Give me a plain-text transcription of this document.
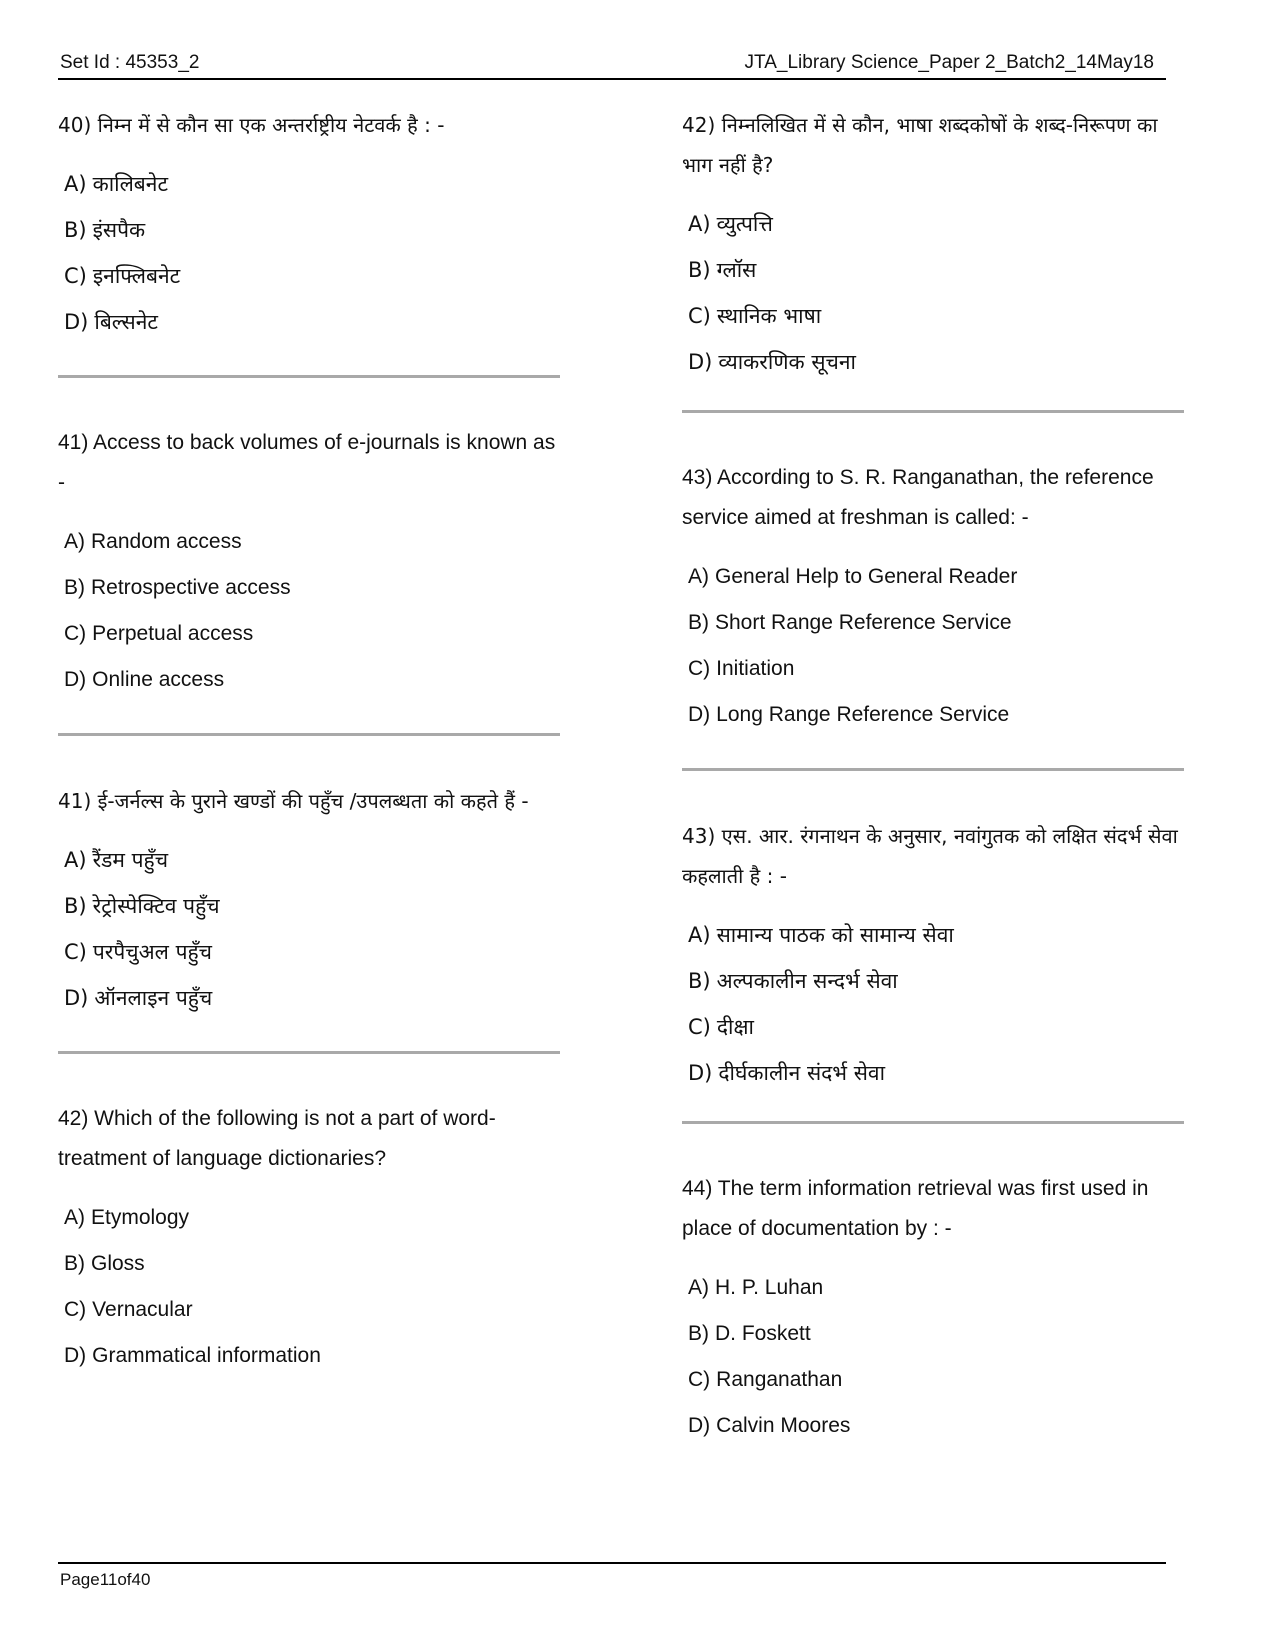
Set Id : 45353_2	JTA_Library Science_Paper 2_Batch2_14May18
40) निम्न में से कौन सा एक अन्तर्राष्ट्रीय नेटवर्क है : -
A) कालिबनेट
B) इंसपैक
C) इनफ्लिबनेट
D) बिल्सनेट
41) Access to back volumes of e-journals is known as -
A) Random access
B) Retrospective access
C) Perpetual access
D) Online access
41) ई-जर्नल्स के पुराने खण्डों की पहुँच /उपलब्धता को कहते हैं -
A) रैंडम पहुँच
B) रेट्रोस्पेक्टिव पहुँच
C) परपैचुअल पहुँच
D) ऑनलाइन पहुँच
42) Which of the following is not a part of word-treatment of language dictionaries?
A) Etymology
B) Gloss
C) Vernacular
D) Grammatical information
42) निम्नलिखित में से कौन, भाषा शब्दकोषों के शब्द-निरूपण का भाग नहीं है?
A) व्युत्पत्ति
B) ग्लॉस
C) स्थानिक भाषा
D) व्याकरणिक सूचना
43) According to S. R. Ranganathan, the reference service aimed at freshman is called: -
A) General Help to General Reader
B) Short Range Reference Service
C) Initiation
D) Long Range Reference Service
43) एस. आर. रंगनाथन के अनुसार, नवांगुतक को लक्षित संदर्भ सेवा कहलाती है : -
A) सामान्य पाठक को सामान्य सेवा
B) अल्पकालीन सन्दर्भ सेवा
C) दीक्षा
D) दीर्घकालीन संदर्भ सेवा
44) The term information retrieval was first used in place of documentation by : -
A) H. P. Luhan
B) D. Foskett
C) Ranganathan
D) Calvin Moores
Page11of40
